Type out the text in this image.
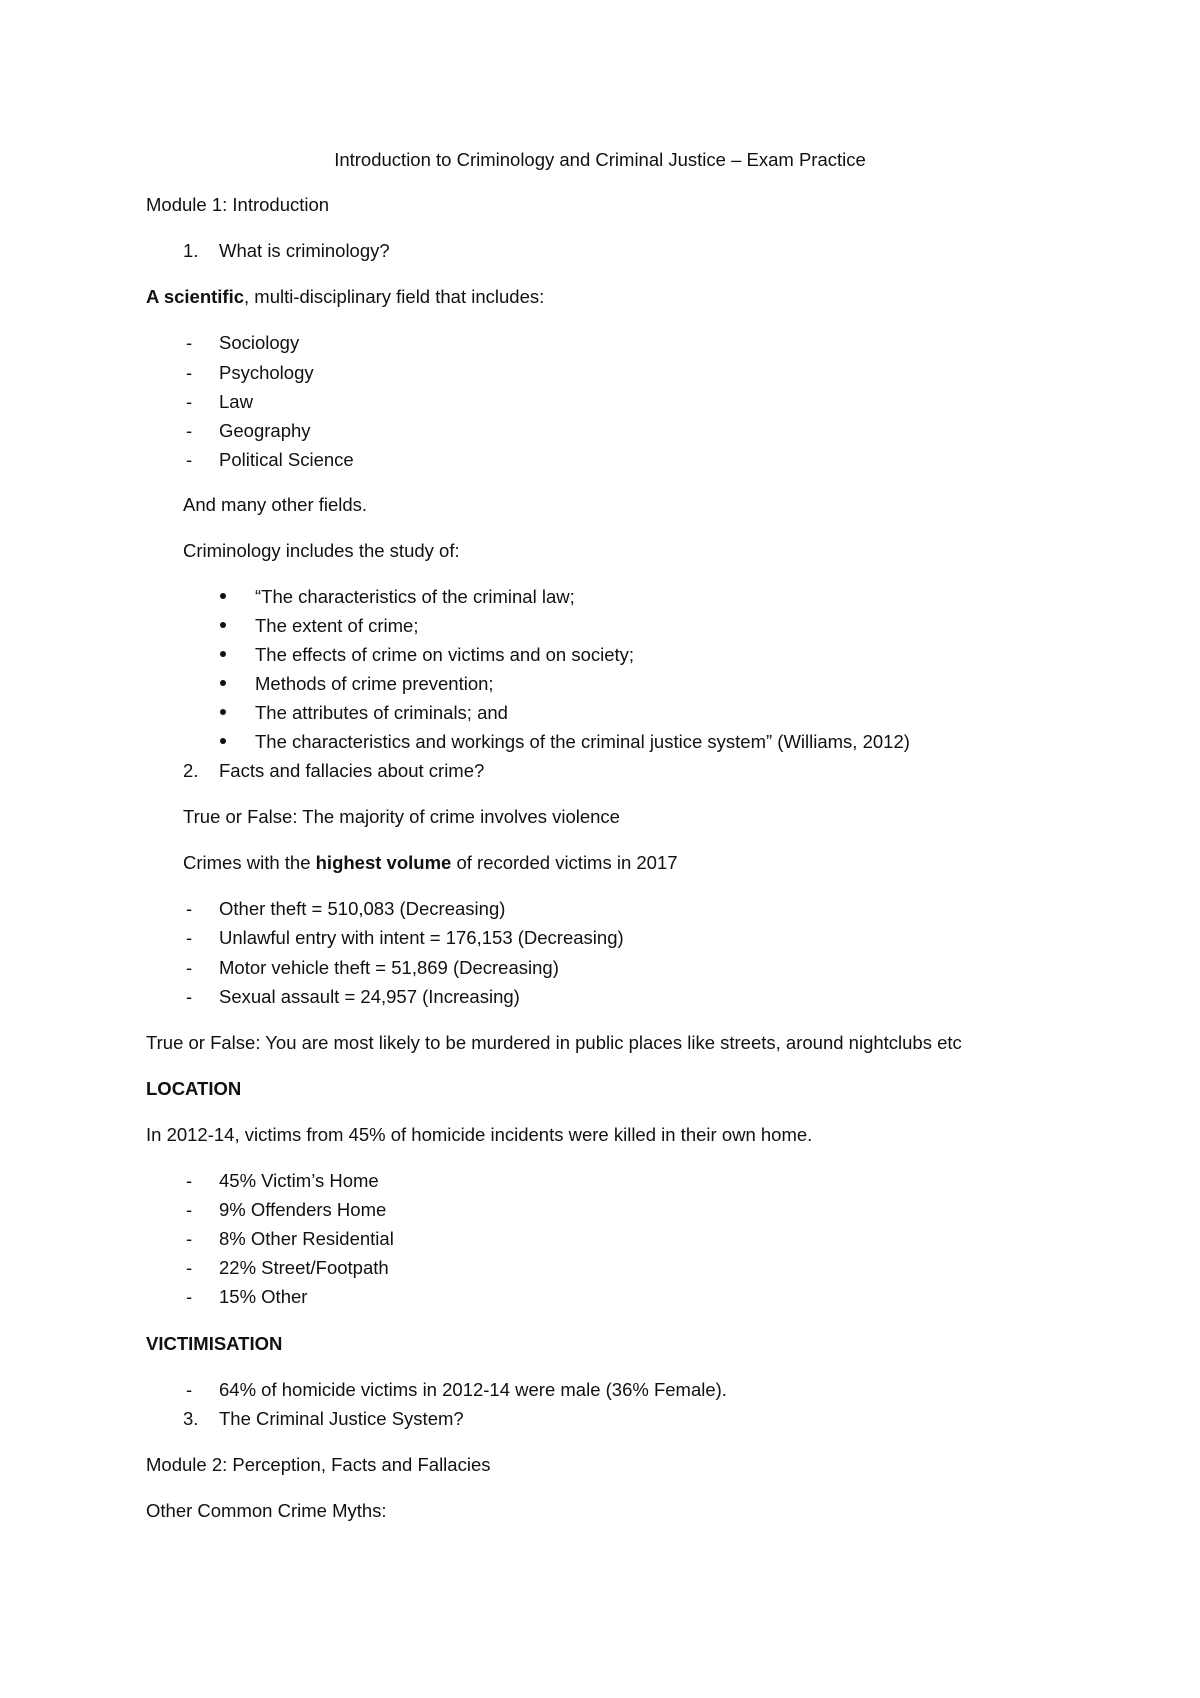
Introduction to Criminology and Criminal Justice – Exam Practice
Module 1: Introduction
1. What is criminology?
A scientific, multi-disciplinary field that includes:
- Sociology
- Psychology
- Law
- Geography
- Political Science
And many other fields.
Criminology includes the study of:
“The characteristics of the criminal law;
The extent of crime;
The effects of crime on victims and on society;
Methods of crime prevention;
The attributes of criminals; and
The characteristics and workings of the criminal justice system” (Williams, 2012)
2. Facts and fallacies about crime?
True or False: The majority of crime involves violence
Crimes with the highest volume of recorded victims in 2017
- Other theft = 510,083 (Decreasing)
- Unlawful entry with intent = 176,153 (Decreasing)
- Motor vehicle theft = 51,869 (Decreasing)
- Sexual assault = 24,957 (Increasing)
True or False: You are most likely to be murdered in public places like streets, around nightclubs etc
LOCATION
In 2012-14, victims from 45% of homicide incidents were killed in their own home.
- 45% Victim’s Home
- 9% Offenders Home
- 8% Other Residential
- 22% Street/Footpath
- 15% Other
VICTIMISATION
- 64% of homicide victims in 2012-14 were male (36% Female).
3. The Criminal Justice System?
Module 2: Perception, Facts and Fallacies
Other Common Crime Myths:
